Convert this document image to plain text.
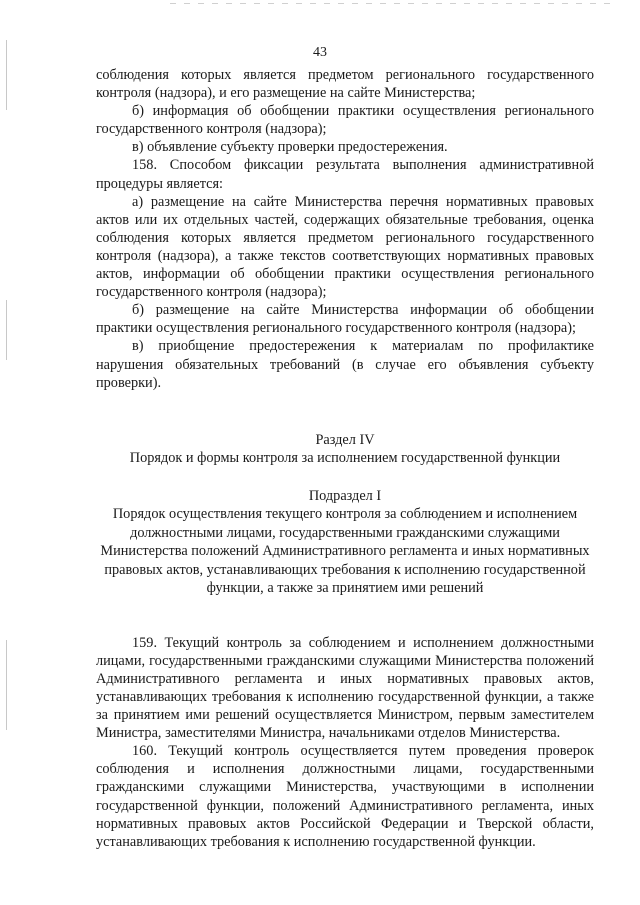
43

соблюдения которых является предметом регионального государственного контроля (надзора), и его размещение на сайте Министерства;

б) информация об обобщении практики осуществления регионального государственного контроля (надзора);

в) объявление субъекту проверки предостережения.

158. Способом фиксации результата выполнения административной процедуры является:

а) размещение на сайте Министерства перечня нормативных правовых актов или их отдельных частей, содержащих обязательные требования, оценка соблюдения которых является предметом регионального государственного контроля (надзора), а также текстов соответствующих нормативных правовых актов, информации об обобщении практики осуществления регионального государственного контроля (надзора);

б) размещение на сайте Министерства информации об обобщении практики осуществления регионального государственного контроля (надзора);

в) приобщение предостережения к материалам по профилактике нарушения обязательных требований (в случае его объявления субъекту проверки).

Раздел IV

Порядок и формы контроля за исполнением государственной функции

Подраздел I

Порядок осуществления текущего контроля за соблюдением и исполнением должностными лицами, государственными гражданскими служащими Министерства положений Административного регламента и иных нормативных правовых актов, устанавливающих требования к исполнению государственной функции, а также за принятием ими решений

159. Текущий контроль за соблюдением и исполнением должностными лицами, государственными гражданскими служащими Министерства положений Административного регламента и иных нормативных правовых актов, устанавливающих требования к исполнению государственной функции, а также за принятием ими решений осуществляется Министром, первым заместителем Министра, заместителями Министра, начальниками отделов Министерства.

160. Текущий контроль осуществляется путем проведения проверок соблюдения и исполнения должностными лицами, государственными гражданскими служащими Министерства, участвующими в исполнении государственной функции, положений Административного регламента, иных нормативных правовых актов Российской Федерации и Тверской области, устанавливающих требования к исполнению государственной функции.
